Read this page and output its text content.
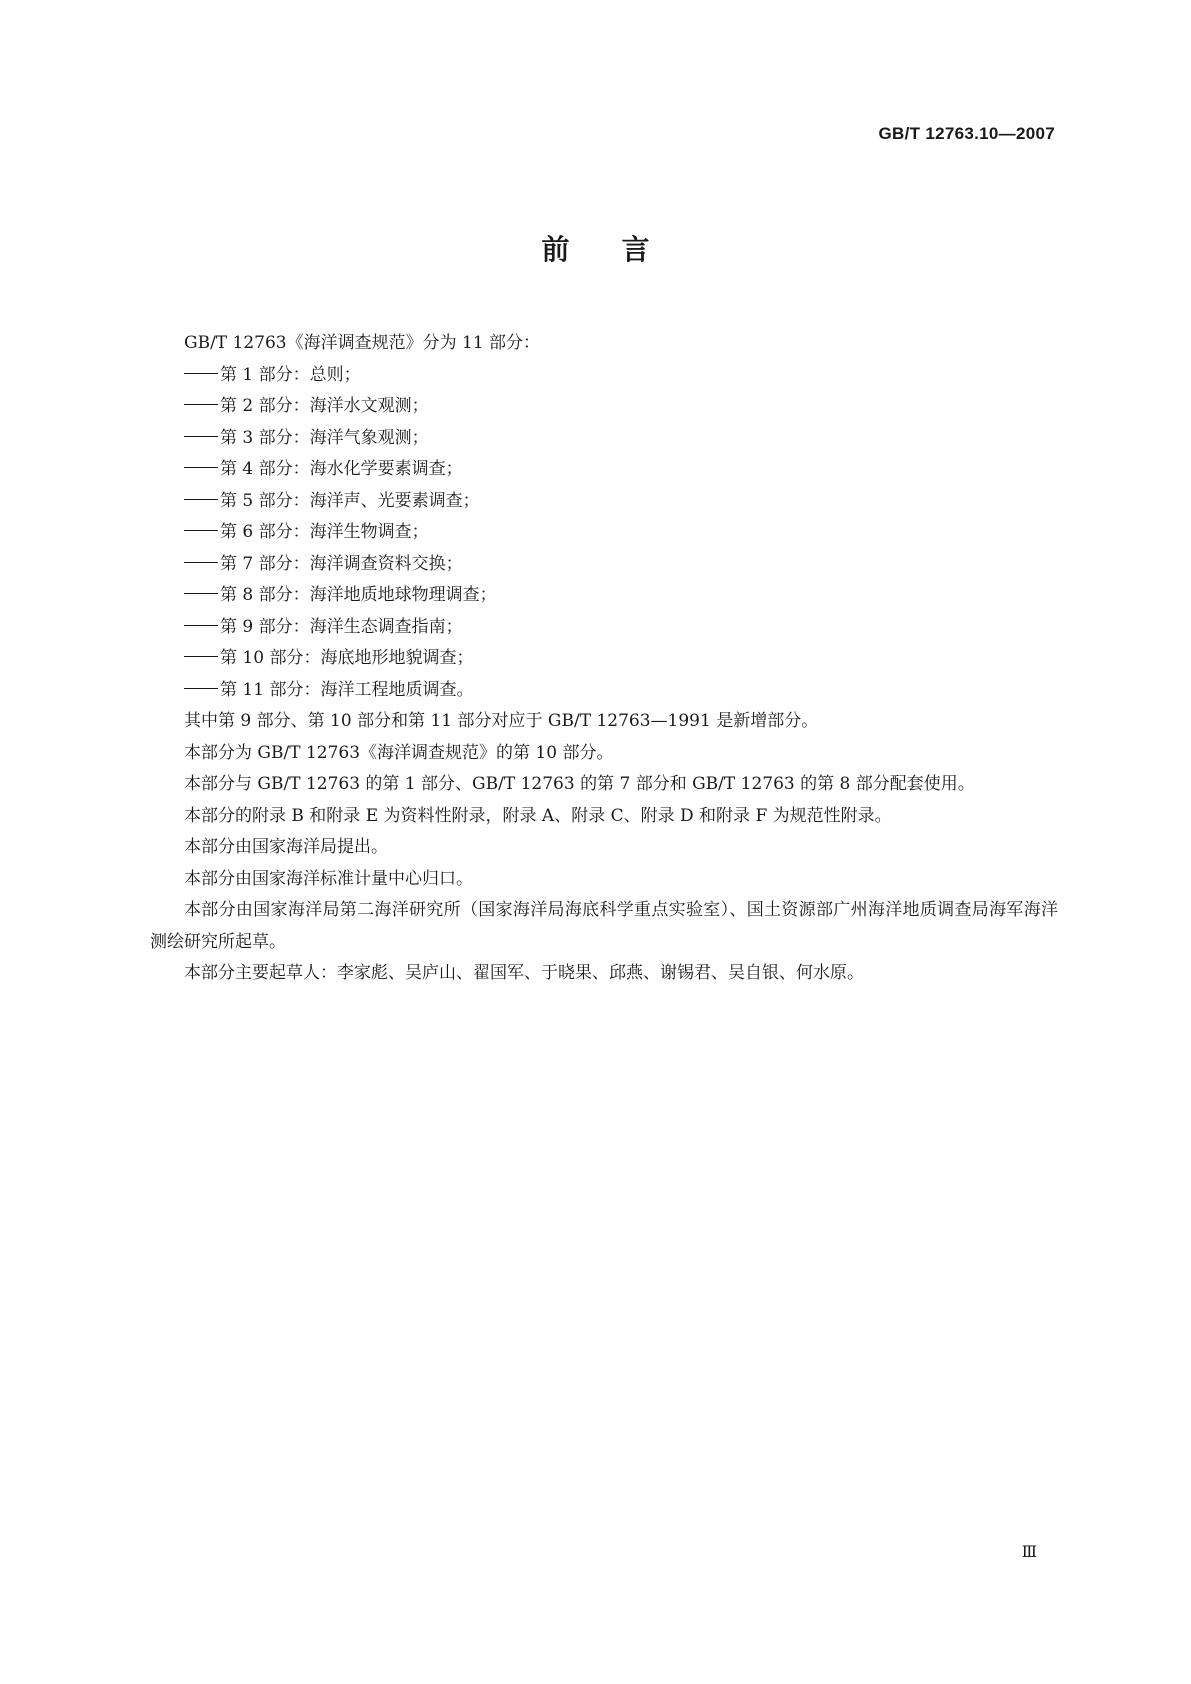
GB/T 12763.10—2007
前言

GB/T 12763《海洋调查规范》分为 11 部分：

第 1 部分：总则；

第 2 部分：海洋水文观测；

第 3 部分：海洋气象观测；

第 4 部分：海水化学要素调查；

第 5 部分：海洋声、光要素调查；

第 6 部分：海洋生物调查；

第 7 部分：海洋调查资料交换；

第 8 部分：海洋地质地球物理调查；

第 9 部分：海洋生态调查指南；

第 10 部分：海底地形地貌调查；

第 11 部分：海洋工程地质调查。

其中第 9 部分、第 10 部分和第 11 部分对应于 GB/T 12763—1991 是新增部分。

本部分为 GB/T 12763《海洋调查规范》的第 10 部分。

本部分与 GB/T 12763 的第 1 部分、GB/T 12763 的第 7 部分和 GB/T 12763 的第 8 部分配套使用。

本部分的附录 B 和附录 E 为资料性附录，附录 A、附录 C、附录 D 和附录 F 为规范性附录。

本部分由国家海洋局提出。

本部分由国家海洋标准计量中心归口。

本部分由国家海洋局第二海洋研究所（国家海洋局海底科学重点实验室）、国土资源部广州海洋地质调查局海军海洋测绘研究所起草。

本部分主要起草人：李家彪、吴庐山、翟国军、于晓果、邱燕、谢锡君、吴自银、何水原。

Ⅲ
